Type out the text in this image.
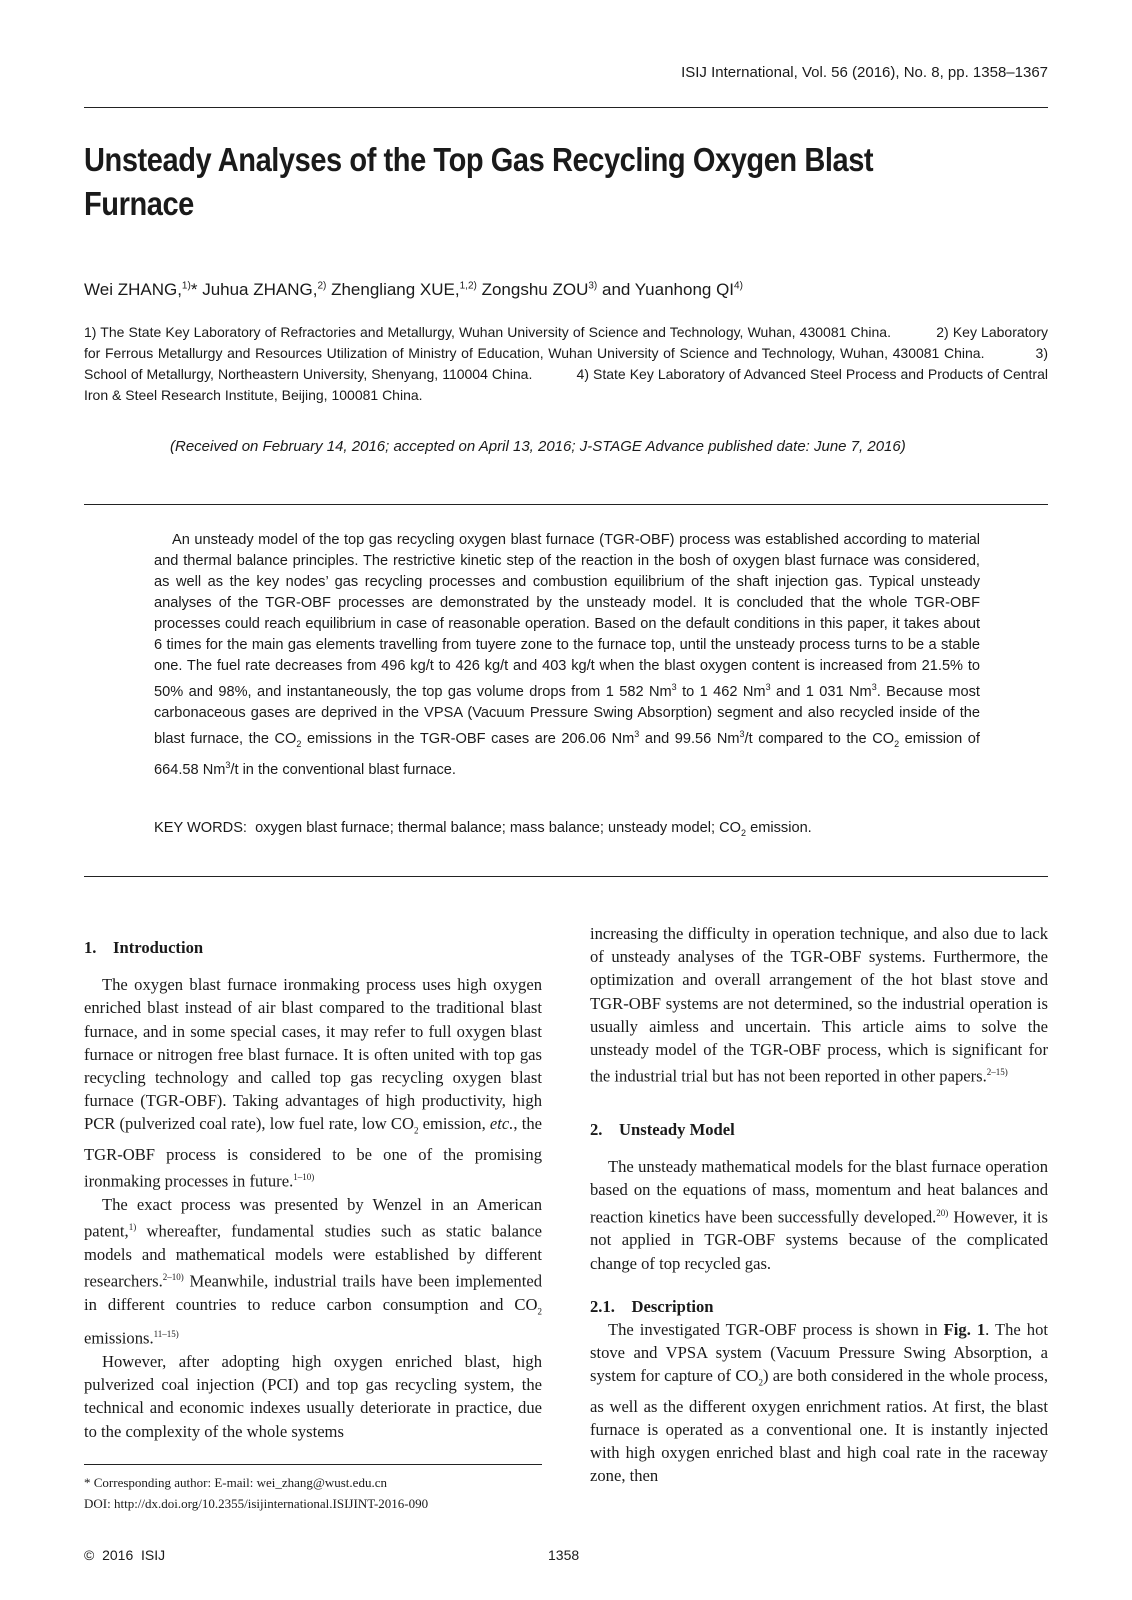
ISIJ International, Vol. 56 (2016), No. 8, pp. 1358–1367
Unsteady Analyses of the Top Gas Recycling Oxygen Blast Furnace
Wei ZHANG,$^{1)}$* Juhua ZHANG,$^{2)}$ Zhengliang XUE,$^{1,2)}$ Zongshu ZOU$^{3)}$ and Yuanhong QI$^{4)}$
1) The State Key Laboratory of Refractories and Metallurgy, Wuhan University of Science and Technology, Wuhan, 430081 China.           2) Key Laboratory for Ferrous Metallurgy and Resources Utilization of Ministry of Education, Wuhan University of Science and Technology, Wuhan, 430081 China.           3) School of Metallurgy, Northeastern University, Shenyang, 110004 China.           4) State Key Laboratory of Advanced Steel Process and Products of Central Iron & Steel Research Institute, Beijing, 100081 China.
(Received on February 14, 2016; accepted on April 13, 2016; J-STAGE Advance published date: June 7, 2016)
An unsteady model of the top gas recycling oxygen blast furnace (TGR-OBF) process was established according to material and thermal balance principles. The restrictive kinetic step of the reaction in the bosh of oxygen blast furnace was considered, as well as the key nodes’ gas recycling processes and combustion equilibrium of the shaft injection gas. Typical unsteady analyses of the TGR-OBF processes are demonstrated by the unsteady model. It is concluded that the whole TGR-OBF processes could reach equilibrium in case of reasonable operation. Based on the default conditions in this paper, it takes about 6 times for the main gas elements travelling from tuyere zone to the furnace top, until the unsteady process turns to be a stable one. The fuel rate decreases from 496 kg/t to 426 kg/t and 403 kg/t when the blast oxygen content is increased from 21.5% to 50% and 98%, and instantaneously, the top gas volume drops from 1 582 Nm$^3$ to 1 462 Nm$^3$ and 1 031 Nm$^3$. Because most carbonaceous gases are deprived in the VPSA (Vacuum Pressure Swing Absorption) segment and also recycled inside of the blast furnace, the $CO_2$ emissions in the TGR-OBF cases are 206.06 Nm$^3$ and 99.56 Nm$^3$/t compared to the $CO_2$ emission of 664.58 Nm$^3$/t in the conventional blast furnace.
KEY WORDS: oxygen blast furnace; thermal balance; mass balance; unsteady model; $CO_2$ emission.

1.    Introduction

The oxygen blast furnace ironmaking process uses high oxygen enriched blast instead of air blast compared to the traditional blast furnace, and in some special cases, it may refer to full oxygen blast furnace or nitrogen free blast furnace. It is often united with top gas recycling technology and called top gas recycling oxygen blast furnace (TGR-OBF). Taking advantages of high productivity, high PCR (pulverized coal rate), low fuel rate, low $CO_2$ emission, etc., the TGR-OBF process is considered to be one of the promising ironmaking processes in future.$^{1-10)}$

The exact process was presented by Wenzel in an American patent,$^{1)}$ whereafter, fundamental studies such as static balance models and mathematical models were established by different researchers.$^{2-10)}$ Meanwhile, industrial trails have been implemented in different countries to reduce carbon consumption and $CO_2$ emissions.$^{11-15)}$

However, after adopting high oxygen enriched blast, high pulverized coal injection (PCI) and top gas recycling system, the technical and economic indexes usually deteriorate in practice, due to the complexity of the whole systems

* Corresponding author: E-mail: wei_zhang@wust.edu.cn
DOI: http://dx.doi.org/10.2355/isijinternational.ISIJINT-2016-090

increasing the difficulty in operation technique, and also due to lack of unsteady analyses of the TGR-OBF systems. Furthermore, the optimization and overall arrangement of the hot blast stove and TGR-OBF systems are not determined, so the industrial operation is usually aimless and uncertain. This article aims to solve the unsteady model of the TGR-OBF process, which is significant for the industrial trial but has not been reported in other papers.$^{2-15)}$

2.    Unsteady Model

The unsteady mathematical models for the blast furnace operation based on the equations of mass, momentum and heat balances and reaction kinetics have been successfully developed.$^{20)}$ However, it is not applied in TGR-OBF systems because of the complicated change of top recycled gas.

2.1.    Description

The investigated TGR-OBF process is shown in Fig. 1. The hot stove and VPSA system (Vacuum Pressure Swing Absorption, a system for capture of $CO_2$) are both considered in the whole process, as well as the different oxygen enrichment ratios. At first, the blast furnace is operated as a conventional one. It is instantly injected with high oxygen enriched blast and high coal rate in the raceway zone, then

©  2016  ISIJ	1358
